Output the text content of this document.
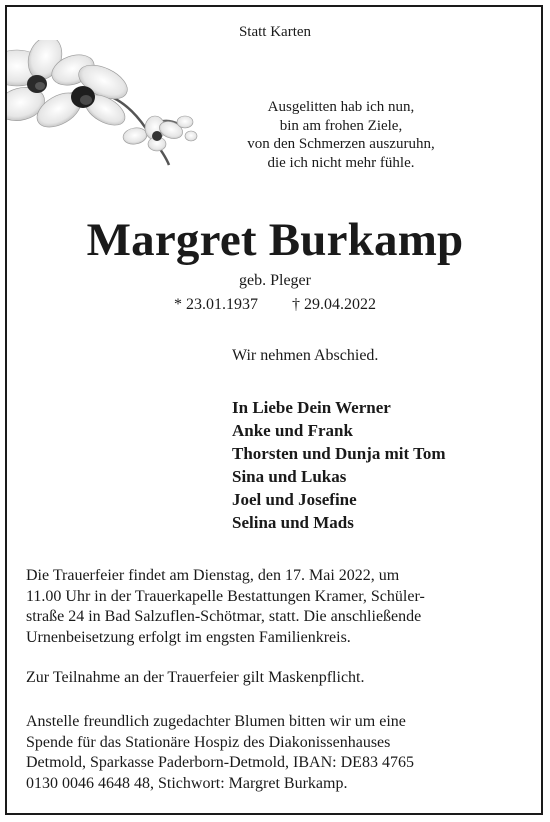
Statt Karten
Ausgelitten hab ich nun,
bin am frohen Ziele,
von den Schmerzen auszuruhn,
die ich nicht mehr fühle.
Margret Burkamp
geb. Pleger
* 23.01.1937 † 29.04.2022
Wir nehmen Abschied.
In Liebe Dein Werner
Anke und Frank
Thorsten und Dunja mit Tom
Sina und Lukas
Joel und Josefine
Selina und Mads
Die Trauerfeier findet am Dienstag, den 17. Mai 2022, um
11.00 Uhr in der Trauerkapelle Bestattungen Kramer, Schüler-
straße 24 in Bad Salzuflen-Schötmar, statt. Die anschließende
Urnenbeisetzung erfolgt im engsten Familienkreis.
Zur Teilnahme an der Trauerfeier gilt Maskenpflicht.
Anstelle freundlich zugedachter Blumen bitten wir um eine
Spende für das Stationäre Hospiz des Diakonissenhauses
Detmold, Sparkasse Paderborn-Detmold, IBAN: DE83 4765
0130 0046 4648 48, Stichwort: Margret Burkamp.
